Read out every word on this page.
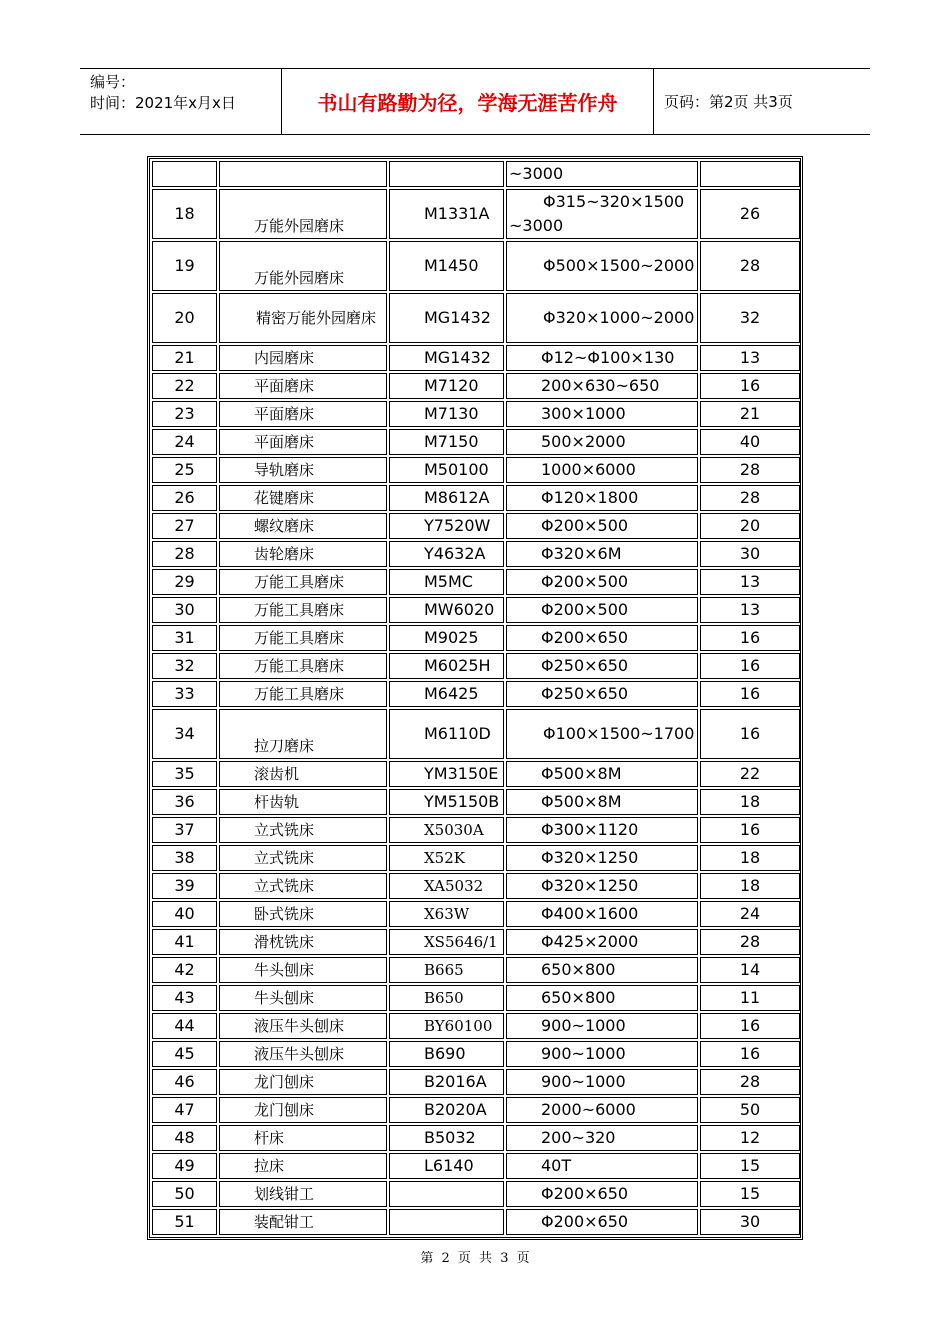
编号：
时间：2021年x月x日	书山有路勤为径，学海无涯苦作舟	页码：第2页 共3页
			~3000	
18	万能外园磨床	M1331A	Φ315~320×1500~3000	26
19	万能外园磨床	M1450	Φ500×1500~2000	28
20	精密万能外园磨床	MG1432	Φ320×1000~2000	32
21	内园磨床	MG1432	Φ12~Φ100×130	13
22	平面磨床	M7120	200×630~650	16
23	平面磨床	M7130	300×1000	21
24	平面磨床	M7150	500×2000	40
25	导轨磨床	M50100	1000×6000	28
26	花键磨床	M8612A	Φ120×1800	28
27	螺纹磨床	Y7520W	Φ200×500	20
28	齿轮磨床	Y4632A	Φ320×6M	30
29	万能工具磨床	M5MC	Φ200×500	13
30	万能工具磨床	MW6020	Φ200×500	13
31	万能工具磨床	M9025	Φ200×650	16
32	万能工具磨床	M6025H	Φ250×650	16
33	万能工具磨床	M6425	Φ250×650	16
34	拉刀磨床	M6110D	Φ100×1500~1700	16
35	滚齿机	YM3150E	Φ500×8M	22
36	杆齿轨	YM5150B	Φ500×8M	18
37	立式铣床	X5030A	Φ300×1120	16
38	立式铣床	X52K	Φ320×1250	18
39	立式铣床	XA5032	Φ320×1250	18
40	卧式铣床	X63W	Φ400×1600	24
41	滑枕铣床	XS5646/1	Φ425×2000	28
42	牛头刨床	B665	650×800	14
43	牛头刨床	B650	650×800	11
44	液压牛头刨床	BY60100	900~1000	16
45	液压牛头刨床	B690	900~1000	16
46	龙门刨床	B2016A	900~1000	28
47	龙门刨床	B2020A	2000~6000	50
48	杆床	B5032	200~320	12
49	拉床	L6140	40T	15
50	划线钳工		Φ200×650	15
51	装配钳工		Φ200×650	30
第 2 页 共 3 页
